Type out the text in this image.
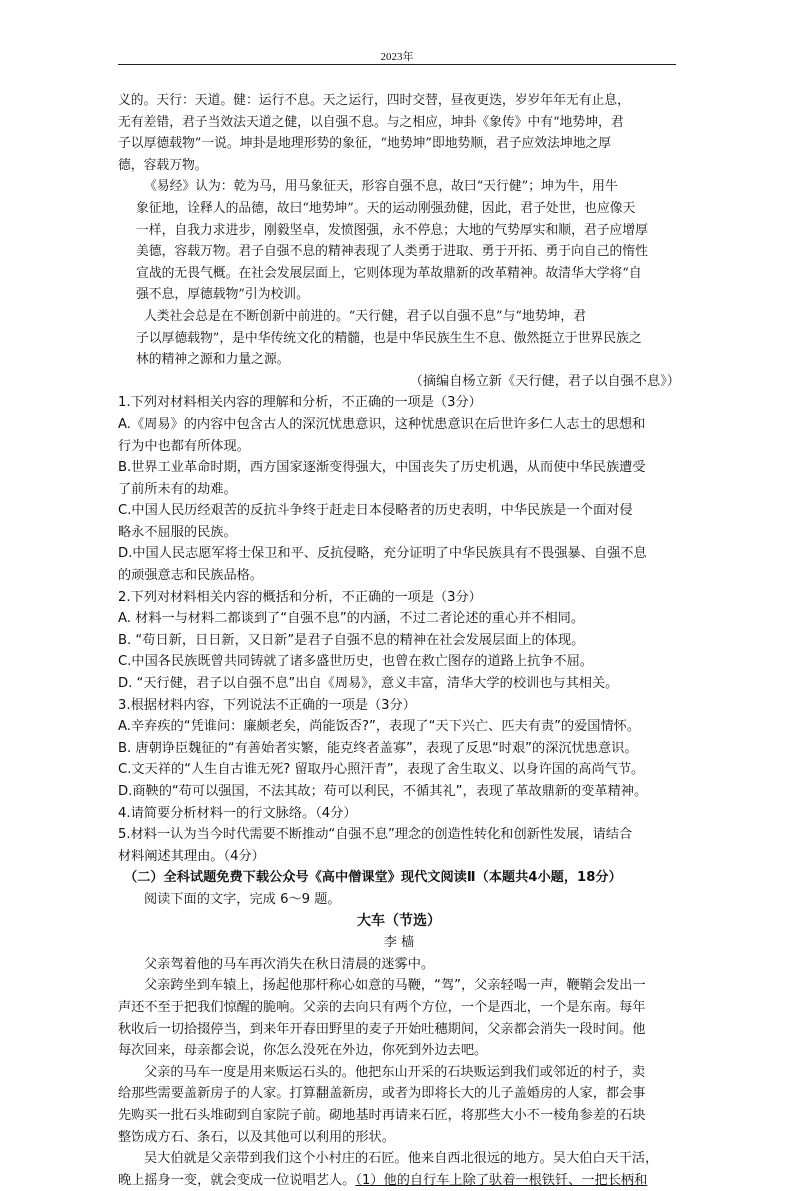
2023年
义的。天行：天道。健：运行不息。天之运行，四时交替，昼夜更迭，岁岁年年无有止息，
无有差错，君子当效法天道之健，以自强不息。与之相应，坤卦《象传》中有“地势坤，君
子以厚德载物”一说。坤卦是地理形势的象征，“地势坤”即地势顺，君子应效法坤地之厚
德，容载万物。
《易经》认为：乾为马，用马象征天，形容自强不息，故曰“天行健”；坤为牛，用牛
象征地，诠释人的品德，故曰“地势坤”。天的运动刚强劲健，因此，君子处世，也应像天
一样，自我力求进步，刚毅坚卓，发愤图强，永不停息；大地的气势厚实和顺，君子应增厚
美德，容载万物。君子自强不息的精神表现了人类勇于进取、勇于开拓、勇于向自己的惰性
宣战的无畏气概。在社会发展层面上，它则体现为革故鼎新的改革精神。故清华大学将“自
强不息，厚德载物”引为校训。
人类社会总是在不断创新中前进的。“天行健，君子以自强不息”与“地势坤，君
子以厚德载物”，是中华传统文化的精髓，也是中华民族生生不息、傲然挺立于世界民族之
林的精神之源和力量之源。
（摘编自杨立新《天行健，君子以自强不息》）
1.下列对材料相关内容的理解和分析，不正确的一项是（3分）
A.《周易》的内容中包含古人的深沉忧患意识，这种忧患意识在后世许多仁人志士的思想和
行为中也都有所体现。
B.世界工业革命时期，西方国家逐渐变得强大，中国丧失了历史机遇，从而使中华民族遭受
了前所未有的劫难。
C.中国人民历经艰苦的反抗斗争终于赶走日本侵略者的历史表明，中华民族是一个面对侵
略永不屈服的民族。
D.中国人民志愿军将士保卫和平、反抗侵略，充分证明了中华民族具有不畏强暴、自强不息
的顽强意志和民族品格。
2.下列对材料相关内容的概括和分析，不正确的一项是（3分）
A. 材料一与材料二都谈到了“自强不息”的内涵，不过二者论述的重心并不相同。
B. “苟日新，日日新，又日新”是君子自强不息的精神在社会发展层面上的体现。
C.中国各民族既曾共同铸就了诸多盛世历史，也曾在救亡图存的道路上抗争不屈。
D. “天行健，君子以自强不息”出自《周易》，意义丰富，清华大学的校训也与其相关。
3.根据材料内容，下列说法不正确的一项是（3分）
A.辛弃疾的“凭谁问：廉颇老矣，尚能饭否?”，表现了“天下兴亡、匹夫有责”的爱国情怀。
B. 唐朝诤臣魏征的“有善始者实繁，能克终者盖寡”，表现了反思“时艰”的深沉忧患意识。
C.文天祥的“人生自古谁无死? 留取丹心照汗青”，表现了舍生取义、以身许国的高尚气节。
D.商鞅的“苟可以强国，不法其故；苟可以利民，不循其礼”，表现了革故鼎新的变革精神。
4.请简要分析材料一的行文脉络。（4分）
5.材料一认为当今时代需要不断推动“自强不息”理念的创造性转化和创新性发展，请结合
材料阐述其理由。（4分）
（二）全科试题免费下载公众号《高中僧课堂》现代文阅读Ⅱ（本题共4小题，18分）
阅读下面的文字，完成 6～9 题。
大车（节选）
李 樯
父亲驾着他的马车再次消失在秋日清晨的迷雾中。
父亲跨坐到车辕上，扬起他那杆称心如意的马鞭，“驾”，父亲轻喝一声，鞭鞘会发出一
声还不至于把我们惊醒的脆响。父亲的去向只有两个方位，一个是西北，一个是东南。每年
秋收后一切拾掇停当，到来年开春田野里的麦子开始吐穗期间，父亲都会消失一段时间。他
每次回来，母亲都会说，你怎么没死在外边，你死到外边去吧。
父亲的马车一度是用来贩运石头的。他把东山开采的石块贩运到我们或邻近的村子，卖
给那些需要盖新房子的人家。打算翻盖新房，或者为即将长大的儿子盖婚房的人家，都会事
先购买一批石头堆砌到自家院子前。砌地基时再请来石匠，将那些大小不一棱角参差的石块
整饬成方石、条石，以及其他可以利用的形状。
吴大伯就是父亲带到我们这个小村庄的石匠。他来自西北很远的地方。吴大伯白天干活，
晚上摇身一变，就会变成一位说唱艺人。（1）他的自行车上除了驮着一根铁钎、一把长柄和
